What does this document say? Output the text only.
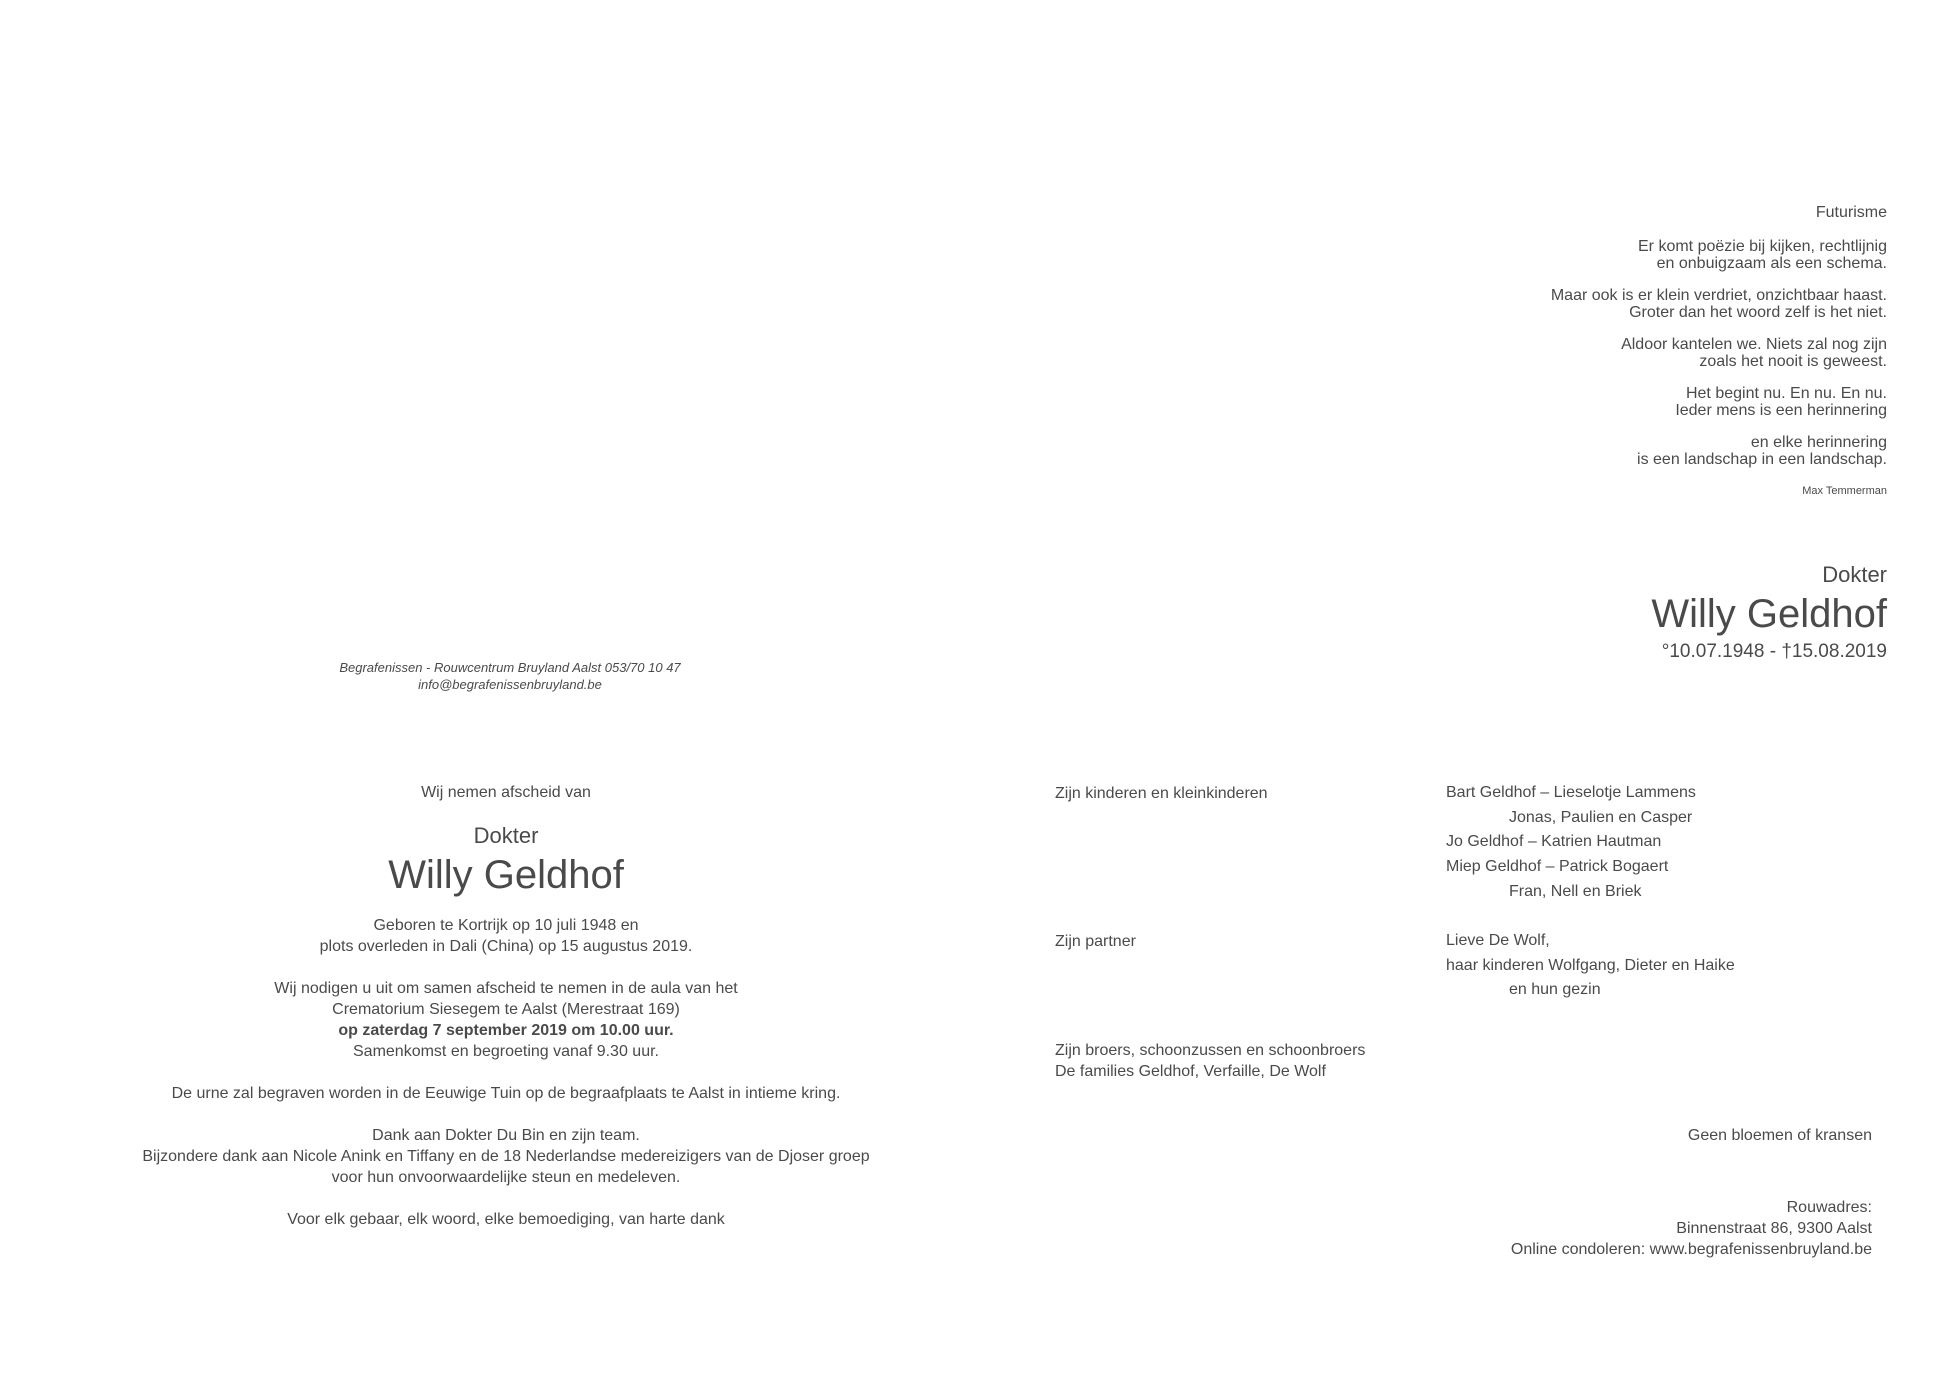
Futurisme

Er komt poëzie bij kijken, rechtlijnig

en onbuigzaam als een schema.

Maar ook is er klein verdriet, onzichtbaar haast.

Groter dan het woord zelf is het niet.

Aldoor kantelen we. Niets zal nog zijn

zoals het nooit is geweest.

Het begint nu. En nu. En nu.

Ieder mens is een herinnering

en elke herinnering

is een landschap in een landschap.

Max Temmerman

Dokter

Willy Geldhof

°10.07.1948 - †15.08.2019

Begrafenissen - Rouwcentrum Bruyland Aalst 053/70 10 47

info@begrafenissenbruyland.be

Wij nemen afscheid van

Dokter

Willy Geldhof

Geboren te Kortrijk op 10 juli 1948 en

plots overleden in Dali (China) op 15 augustus 2019.

Wij nodigen u uit om samen afscheid te nemen in de aula van het

Crematorium Siesegem te Aalst (Merestraat 169)

op zaterdag 7 september 2019 om 10.00 uur.

Samenkomst en begroeting vanaf 9.30 uur.

De urne zal begraven worden in de Eeuwige Tuin op de begraafplaats te Aalst in intieme kring.

Dank aan Dokter Du Bin en zijn team.

Bijzondere dank aan Nicole Anink en Tiffany en de 18 Nederlandse medereizigers van de Djoser groep

voor hun onvoorwaardelijke steun en medeleven.

Voor elk gebaar, elk woord, elke bemoediging, van harte dank

Zijn kinderen en kleinkinderen	Bart Geldhof – Lieselotje Lammens

Jonas, Paulien en Casper

Jo Geldhof – Katrien Hautman

Miep Geldhof – Patrick Bogaert

Fran, Nell en Briek

Zijn partner	Lieve De Wolf,

haar kinderen Wolfgang, Dieter en Haike

en hun gezin

Zijn broers, schoonzussen en schoonbroers

De families Geldhof, Verfaille, De Wolf

Geen bloemen of kransen

Rouwadres:

Binnenstraat 86, 9300 Aalst

Online condoleren: www.begrafenissenbruyland.be
